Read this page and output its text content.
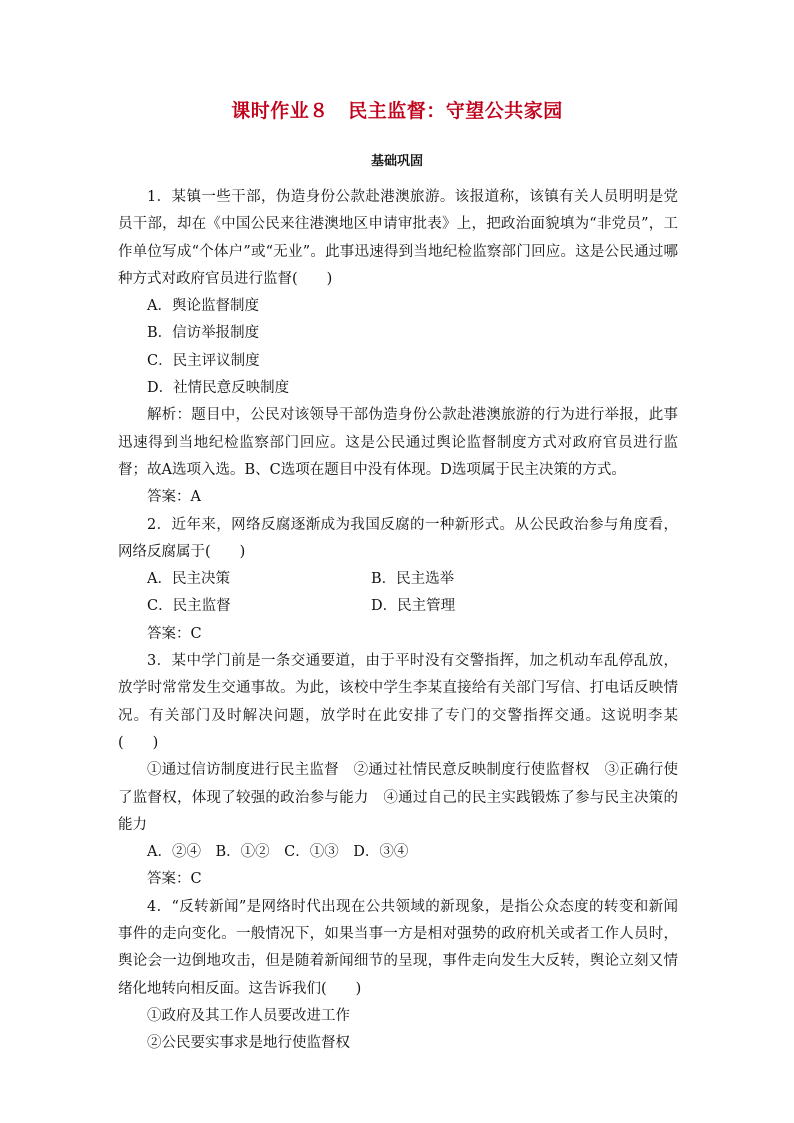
课时作业８　民主监督：守望公共家园
基础巩固

1．某镇一些干部，伪造身份公款赴港澳旅游。该报道称，该镇有关人员明明是党员干部，却在《中国公民来往港澳地区申请审批表》上，把政治面貌填为“非党员”，工作单位写成“个体户”或“无业”。此事迅速得到当地纪检监察部门回应。这是公民通过哪种方式对政府官员进行监督(　　)

A．舆论监督制度

B．信访举报制度

C．民主评议制度

D．社情民意反映制度

解析：题目中，公民对该领导干部伪造身份公款赴港澳旅游的行为进行举报，此事迅速得到当地纪检监察部门回应。这是公民通过舆论监督制度方式对政府官员进行监督；故A选项入选。B、C选项在题目中没有体现。D选项属于民主决策的方式。

答案：A

2．近年来，网络反腐逐渐成为我国反腐的一种新形式。从公民政治参与角度看，网络反腐属于(　　)

A．民主决策	B．民主选举
C．民主监督	D．民主管理

答案：C

3．某中学门前是一条交通要道，由于平时没有交警指挥，加之机动车乱停乱放，放学时常常发生交通事故。为此，该校中学生李某直接给有关部门写信、打电话反映情况。有关部门及时解决问题，放学时在此安排了专门的交警指挥交通。这说明李某(　　)

①通过信访制度进行民主监督　②通过社情民意反映制度行使监督权　③正确行使了监督权，体现了较强的政治参与能力　④通过自己的民主实践锻炼了参与民主决策的能力

A．②④　B．①②　C．①③　D．③④

答案：C

4．“反转新闻”是网络时代出现在公共领域的新现象，是指公众态度的转变和新闻事件的走向变化。一般情况下，如果当事一方是相对强势的政府机关或者工作人员时，舆论会一边倒地攻击，但是随着新闻细节的呈现，事件走向发生大反转，舆论立刻又情绪化地转向相反面。这告诉我们(　　)

①政府及其工作人员要改进工作

②公民要实事求是地行使监督权
